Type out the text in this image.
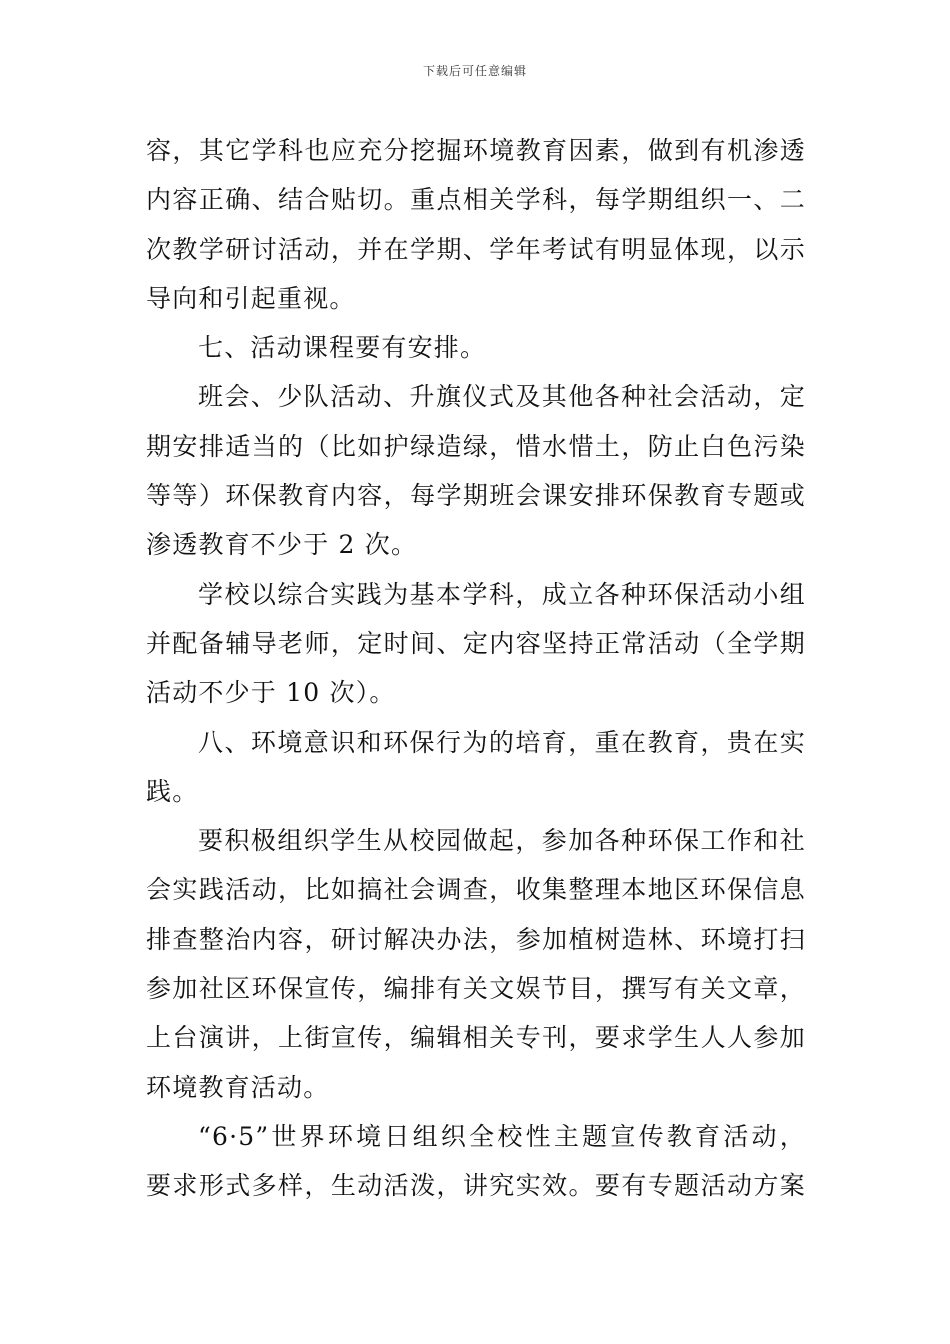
下载后可任意编辑
容，其它学科也应充分挖掘环境教育因素，做到有机渗透
内容正确、结合贴切。重点相关学科，每学期组织一、二
次教学研讨活动，并在学期、学年考试有明显体现，以示
导向和引起重视。
七、活动课程要有安排。
班会、少队活动、升旗仪式及其他各种社会活动，定
期安排适当的（比如护绿造绿，惜水惜土，防止白色污染
等等）环保教育内容，每学期班会课安排环保教育专题或
渗透教育不少于 2 次。
学校以综合实践为基本学科，成立各种环保活动小组
并配备辅导老师，定时间、定内容坚持正常活动（全学期
活动不少于 10 次）。
八、环境意识和环保行为的培育，重在教育，贵在实
践。
要积极组织学生从校园做起，参加各种环保工作和社
会实践活动，比如搞社会调查，收集整理本地区环保信息
排查整治内容，研讨解决办法，参加植树造林、环境打扫
参加社区环保宣传，编排有关文娱节目，撰写有关文章，
上台演讲，上街宣传，编辑相关专刊，要求学生人人参加
环境教育活动。
“6·5”世界环境日组织全校性主题宣传教育活动，
要求形式多样，生动活泼，讲究实效。要有专题活动方案
